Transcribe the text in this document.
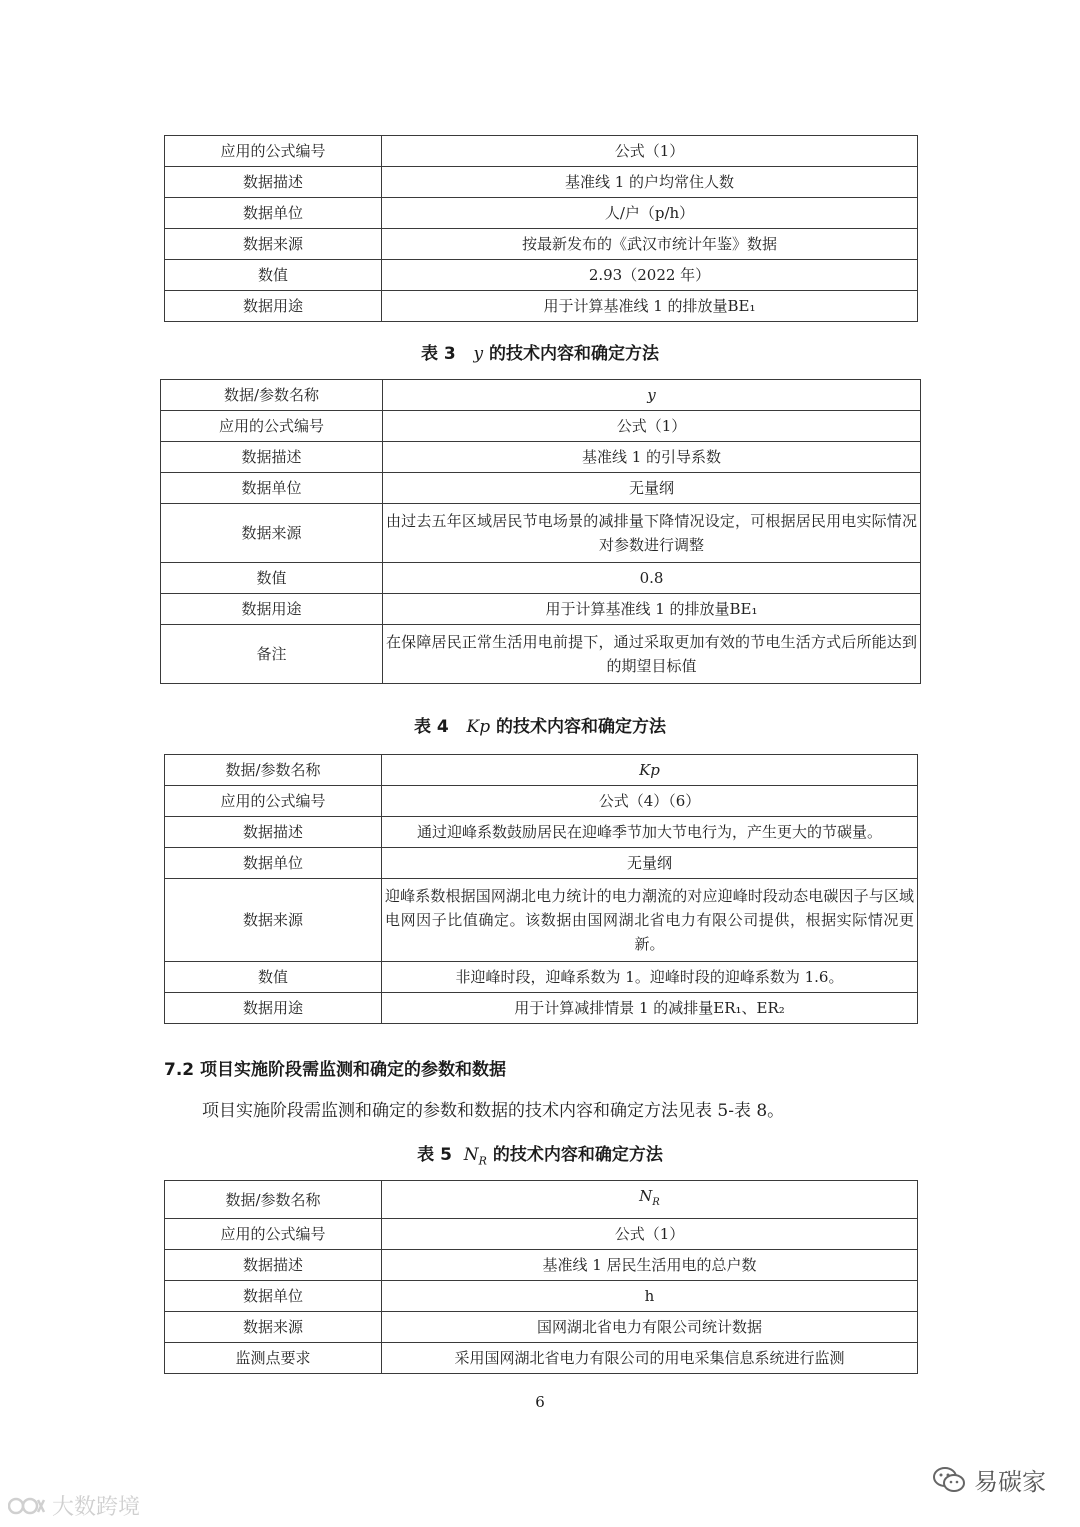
应用的公式编号	公式（1）
数据描述	基准线 1 的户均常住人数
数据单位	人/户（p/h）
数据来源	按最新发布的《武汉市统计年鉴》数据
数值	2.93（2022 年）
数据用途	用于计算基准线 1 的排放量BE₁
表 3 y 的技术内容和确定方法
数据/参数名称	y
应用的公式编号	公式（1）
数据描述	基准线 1 的引导系数
数据单位	无量纲
数据来源	由过去五年区域居民节电场景的减排量下降情况设定，可根据居民用电实际情况对参数进行调整
数值	0.8
数据用途	用于计算基准线 1 的排放量BE₁
备注	在保障居民正常生活用电前提下，通过采取更加有效的节电生活方式后所能达到的期望目标值
表 4 Kp 的技术内容和确定方法
数据/参数名称	Kp
应用的公式编号	公式（4）（6）
数据描述	通过迎峰系数鼓励居民在迎峰季节加大节电行为，产生更大的节碳量。
数据单位	无量纲
数据来源	迎峰系数根据国网湖北电力统计的电力潮流的对应迎峰时段动态电碳因子与区域电网因子比值确定。该数据由国网湖北省电力有限公司提供，根据实际情况更新。
数值	非迎峰时段，迎峰系数为 1。迎峰时段的迎峰系数为 1.6。
数据用途	用于计算减排情景 1 的减排量ER₁、ER₂
7.2 项目实施阶段需监测和确定的参数和数据
项目实施阶段需监测和确定的参数和数据的技术内容和确定方法见表 5-表 8。
表 5 $N_R$ 的技术内容和确定方法
数据/参数名称	$N_R$
应用的公式编号	公式（1）
数据描述	基准线 1 居民生活用电的总户数
数据单位	h
数据来源	国网湖北省电力有限公司统计数据
监测点要求	采用国网湖北省电力有限公司的用电采集信息系统进行监测
6
大数跨境
易碳家
